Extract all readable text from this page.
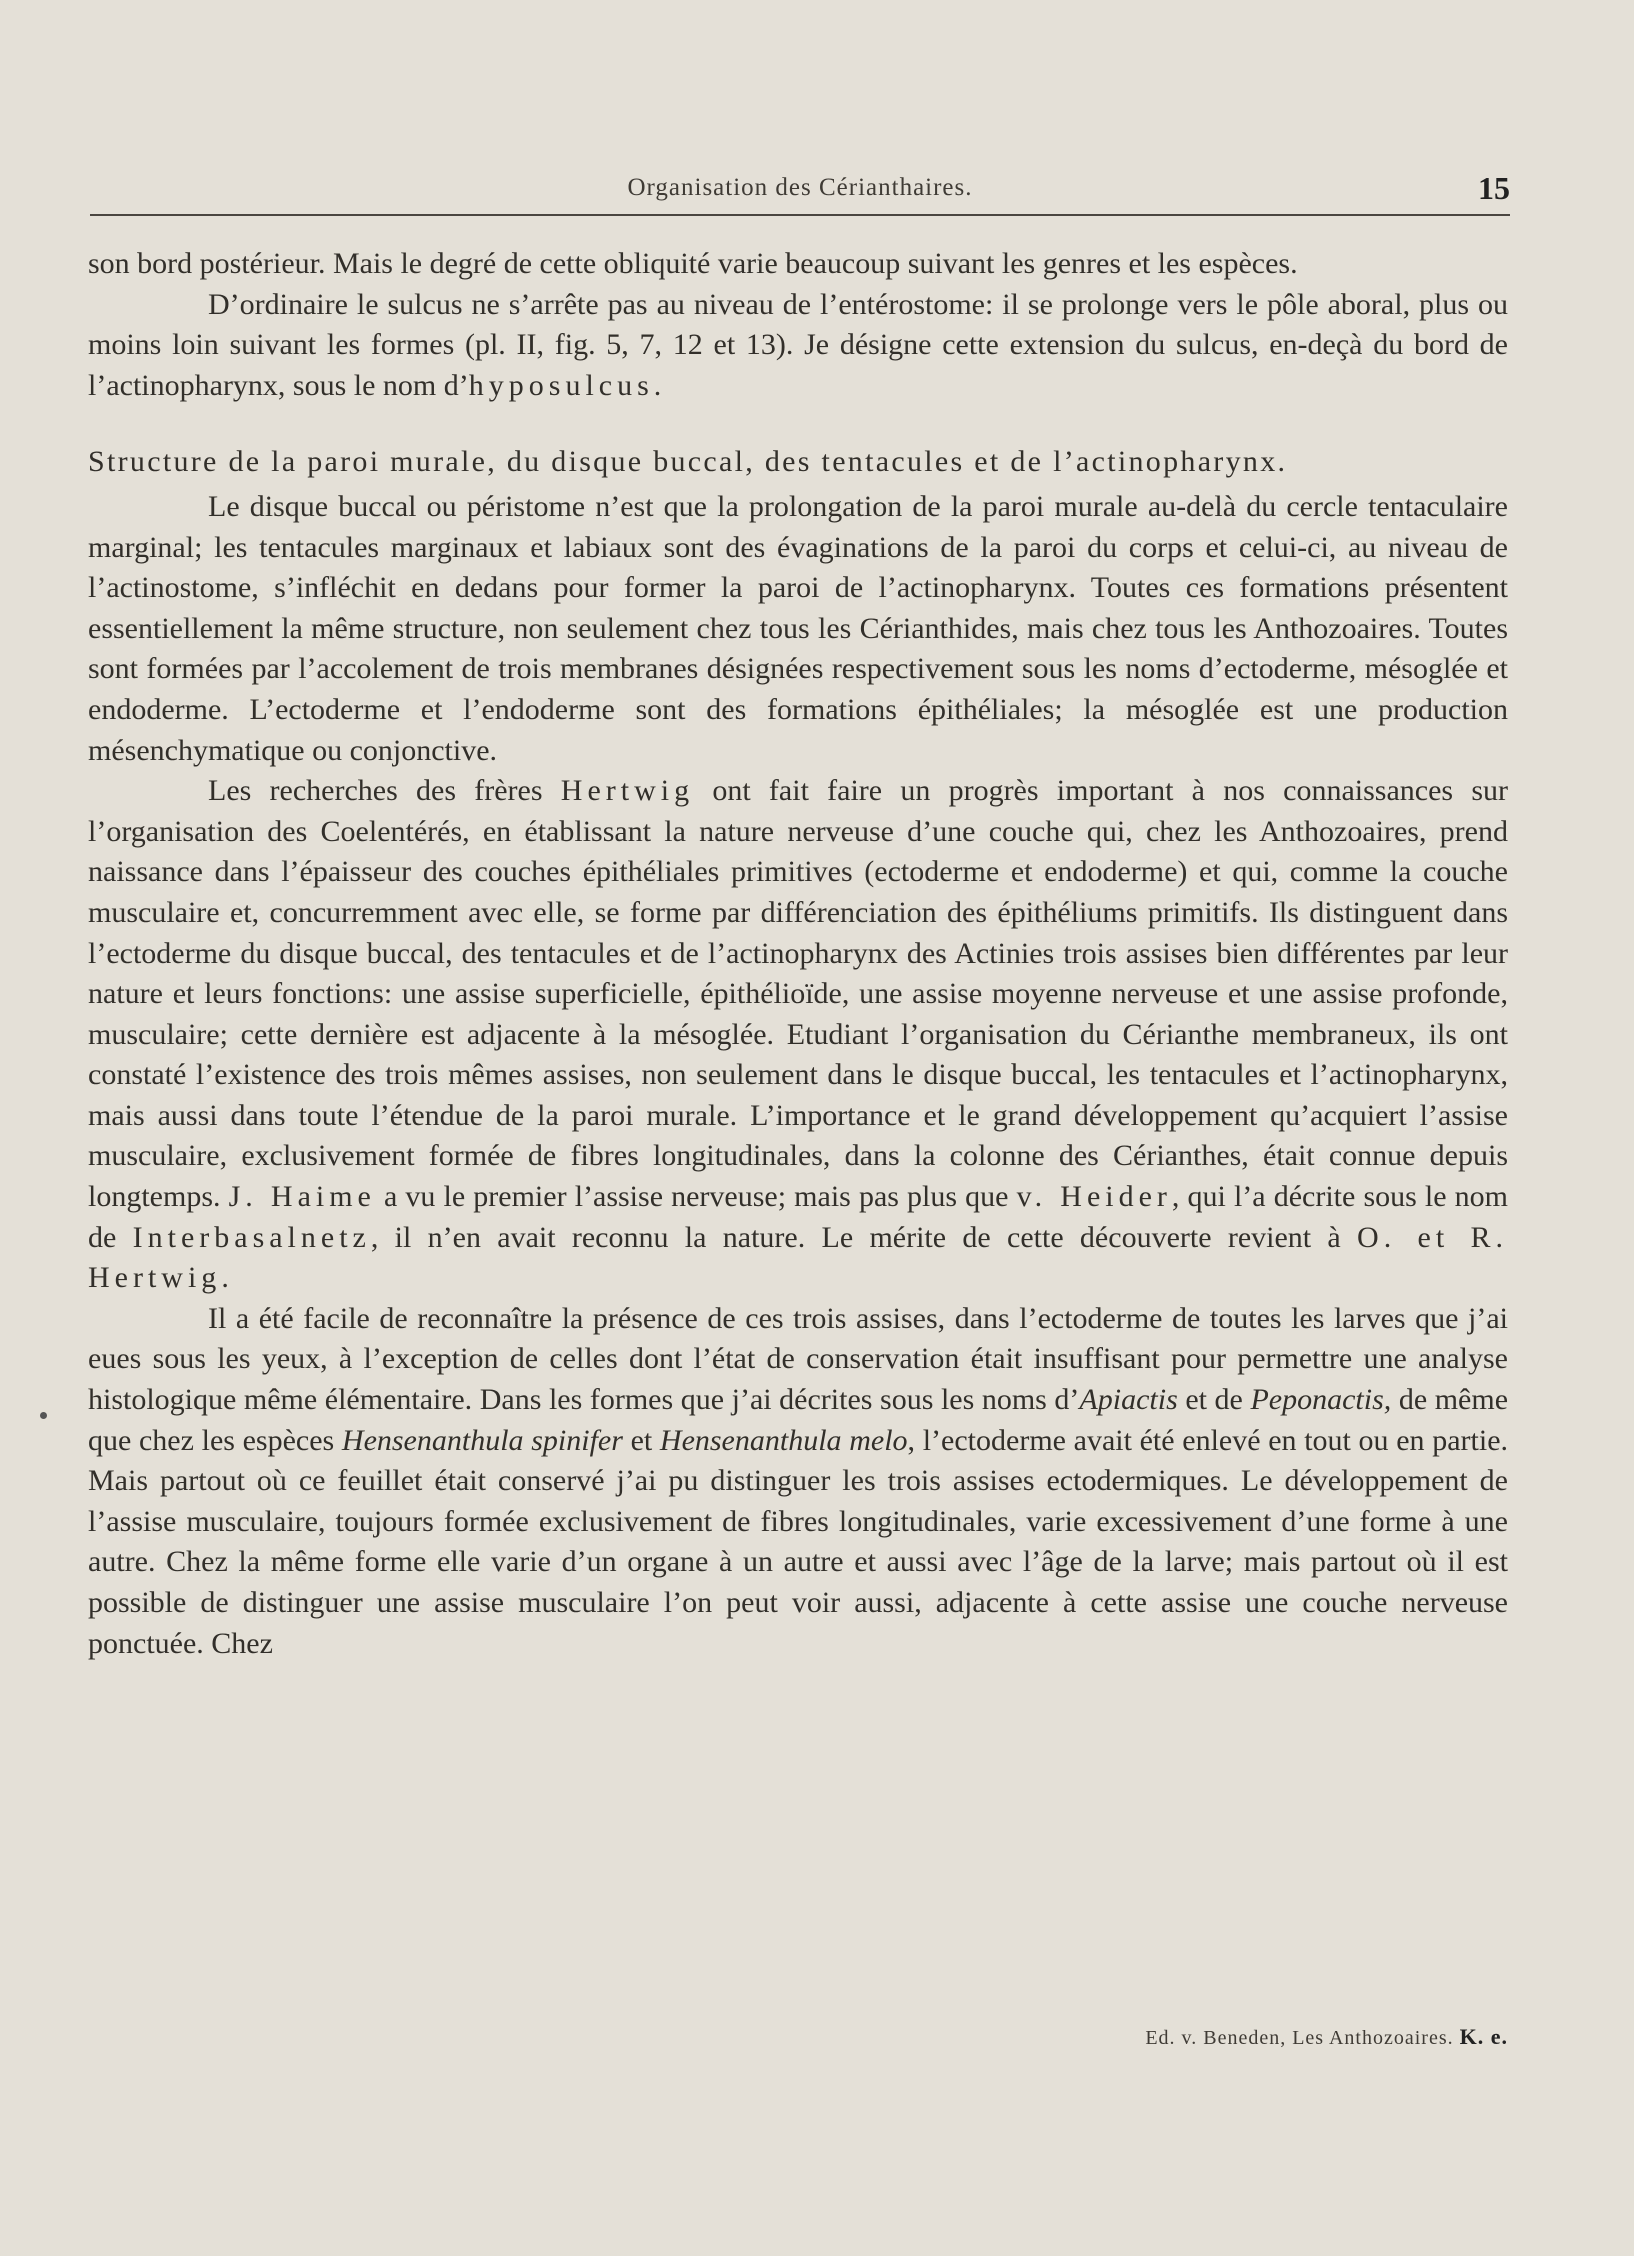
Organisation des Cérianthaires.	15

son bord postérieur. Mais le degré de cette obliquité varie beaucoup suivant les genres et les espèces.

D’ordinaire le sulcus ne s’arrête pas au niveau de l’entérostome: il se prolonge vers le pôle aboral, plus ou moins loin suivant les formes (pl. II, fig. 5, 7, 12 et 13). Je désigne cette extension du sulcus, en-deçà du bord de l’actinopharynx, sous le nom d’hyposulcus.

Structure de la paroi murale, du disque buccal, des tentacules et de l’actinopharynx.

Le disque buccal ou péristome n’est que la prolongation de la paroi murale au-delà du cercle tentaculaire marginal; les tentacules marginaux et labiaux sont des évaginations de la paroi du corps et celui-ci, au niveau de l’actinostome, s’infléchit en dedans pour former la paroi de l’actinopharynx. Toutes ces formations présentent essentiellement la même structure, non seulement chez tous les Cérianthides, mais chez tous les Anthozoaires. Toutes sont formées par l’accolement de trois membranes désignées respectivement sous les noms d’ectoderme, mésoglée et endoderme. L’ectoderme et l’endoderme sont des formations épithéliales; la mésoglée est une production mésenchymatique ou conjonctive.

Les recherches des frères Hertwig ont fait faire un progrès important à nos connaissances sur l’organisation des Coelentérés, en établissant la nature nerveuse d’une couche qui, chez les Anthozoaires, prend naissance dans l’épaisseur des couches épithéliales primitives (ectoderme et endoderme) et qui, comme la couche musculaire et, concurremment avec elle, se forme par différenciation des épithéliums primitifs. Ils distinguent dans l’ectoderme du disque buccal, des tentacules et de l’actinopharynx des Actinies trois assises bien différentes par leur nature et leurs fonctions: une assise superficielle, épithélioïde, une assise moyenne nerveuse et une assise profonde, musculaire; cette dernière est adjacente à la mésoglée. Etudiant l’organisation du Cérianthe membraneux, ils ont constaté l’existence des trois mêmes assises, non seulement dans le disque buccal, les tentacules et l’actinopharynx, mais aussi dans toute l’étendue de la paroi murale. L’importance et le grand développement qu’acquiert l’assise musculaire, exclusivement formée de fibres longitudinales, dans la colonne des Cérianthes, était connue depuis longtemps. J. Haime a vu le premier l’assise nerveuse; mais pas plus que v. Heider, qui l’a décrite sous le nom de Interbasalnetz, il n’en avait reconnu la nature. Le mérite de cette découverte revient à O. et R. Hertwig.

Il a été facile de reconnaître la présence de ces trois assises, dans l’ectoderme de toutes les larves que j’ai eues sous les yeux, à l’exception de celles dont l’état de conservation était insuffisant pour permettre une analyse histologique même élémentaire. Dans les formes que j’ai décrites sous les noms d’Apiactis et de Peponactis, de même que chez les espèces Hensenanthula spinifer et Hensenanthula melo, l’ectoderme avait été enlevé en tout ou en partie. Mais partout où ce feuillet était conservé j’ai pu distinguer les trois assises ectodermiques. Le développement de l’assise musculaire, toujours formée exclusivement de fibres longitudinales, varie excessivement d’une forme à une autre. Chez la même forme elle varie d’un organe à un autre et aussi avec l’âge de la larve; mais partout où il est possible de distinguer une assise musculaire l’on peut voir aussi, adjacente à cette assise une couche nerveuse ponctuée. Chez

Ed. v. Beneden, Les Anthozoaires. K. e.
